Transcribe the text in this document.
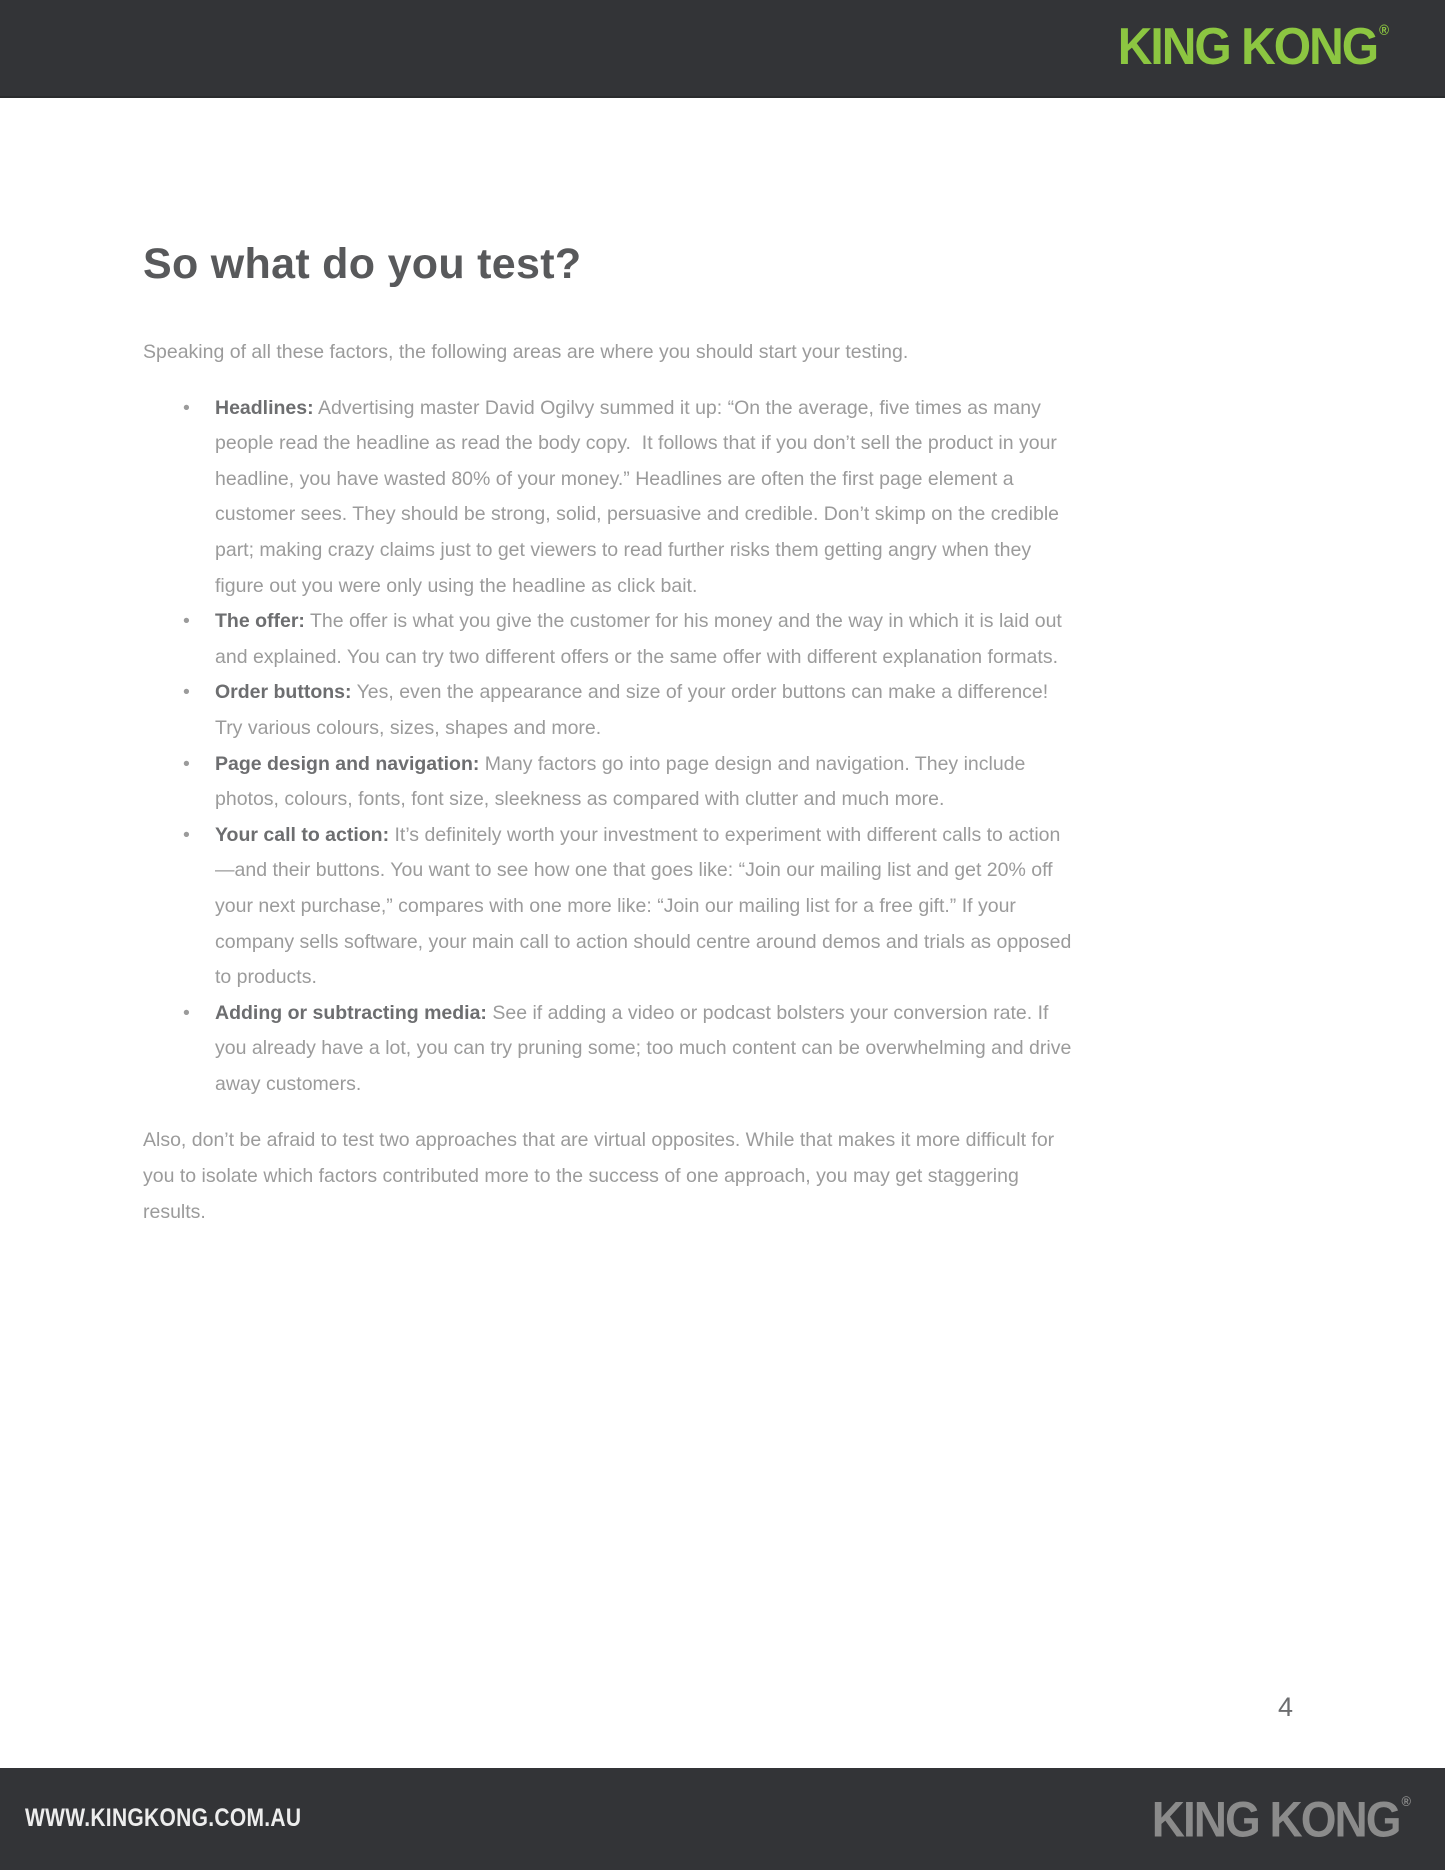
KING KONG ®
So what do you test?

Speaking of all these factors, the following areas are where you should start your testing.

• Headlines: Advertising master David Ogilvy summed it up: “On the average, five times as many people read the headline as read the body copy.  It follows that if you don’t sell the product in your headline, you have wasted 80% of your money.” Headlines are often the first page element a customer sees. They should be strong, solid, persuasive and credible. Don’t skimp on the credible part; making crazy claims just to get viewers to read further risks them getting angry when they figure out you were only using the headline as click bait.
• The offer: The offer is what you give the customer for his money and the way in which it is laid out and explained. You can try two different offers or the same offer with different explanation formats.
• Order buttons: Yes, even the appearance and size of your order buttons can make a difference! Try various colours, sizes, shapes and more.
• Page design and navigation: Many factors go into page design and navigation. They include photos, colours, fonts, font size, sleekness as compared with clutter and much more.
• Your call to action: It’s definitely worth your investment to experiment with different calls to action—and their buttons. You want to see how one that goes like: “Join our mailing list and get 20% off your next purchase,” compares with one more like: “Join our mailing list for a free gift.” If your company sells software, your main call to action should centre around demos and trials as opposed to products.
• Adding or subtracting media: See if adding a video or podcast bolsters your conversion rate. If you already have a lot, you can try pruning some; too much content can be overwhelming and drive away customers.

Also, don’t be afraid to test two approaches that are virtual opposites. While that makes it more difficult for you to isolate which factors contributed more to the success of one approach, you may get staggering results.

4
WWW.KINGKONG.COM.AU	KING KONG ®
